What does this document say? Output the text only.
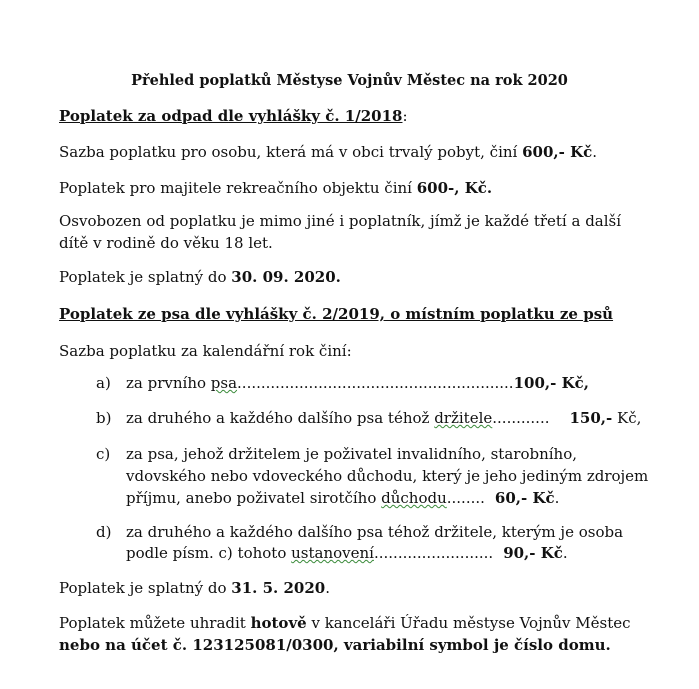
Přehled poplatků Městyse Vojnův Městec na rok 2020
Poplatek za odpad dle vyhlášky č. 1/2018:
Sazba poplatku pro osobu, která má v obci trvalý pobyt, činí 600,- Kč.
Poplatek pro majitele rekreačního objektu činí 600-, Kč.
Osvobozen od poplatku je mimo jiné i poplatník, jímž je každé třetí a další
dítě v rodině do věku 18 let.
Poplatek je splatný do 30. 09. 2020.
Poplatek ze psa dle vyhlášky č. 2/2019, o místním poplatku ze psů
Sazba poplatku za kalendářní rok činí:
a) za prvního psa..........................................................100,- Kč,
b) za druhého a každého dalšího psa téhož držitele............ 150,- Kč,
c) za psa, jehož držitelem je poživatel invalidního, starobního,
vdovského nebo vdoveckého důchodu, který je jeho jediným zdrojem
příjmu, anebo poživatel sirotčího důchodu........ 60,- Kč.
d) za druhého a každého dalšího psa téhož držitele, kterým je osoba
podle písm. c) tohoto ustanovení......................... 90,- Kč.
Poplatek je splatný do 31. 5. 2020.
Poplatek můžete uhradit hotově v kanceláři Úřadu městyse Vojnův Městec
nebo na účet č. 123125081/0300, variabilní symbol je číslo domu.
